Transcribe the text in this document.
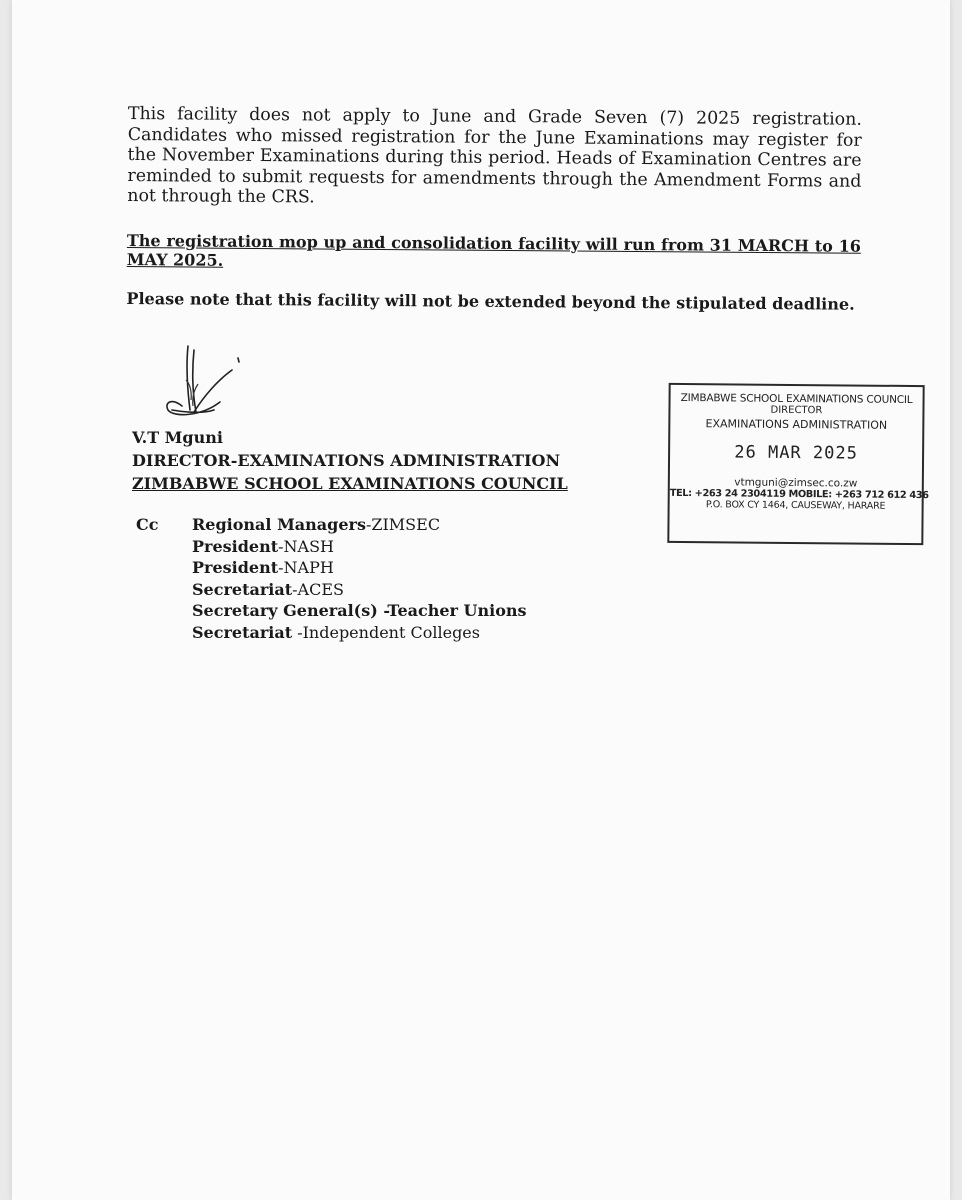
This facility does not apply to June and Grade Seven (7) 2025 registration. Candidates who missed registration for the June Examinations may register for the November Examinations during this period. Heads of Examination Centres are reminded to submit requests for amendments through the Amendment Forms and not through the CRS.

The registration mop up and consolidation facility will run from 31 MARCH to 16 MAY 2025.

Please note that this facility will not be extended beyond the stipulated deadline.

V.T Mguni
DIRECTOR-EXAMINATIONS ADMINISTRATION
ZIMBABWE SCHOOL EXAMINATIONS COUNCIL

ZIMBABWE SCHOOL EXAMINATIONS COUNCIL
DIRECTOR
EXAMINATIONS ADMINISTRATION
26 MAR 2025
vtmguni@zimsec.co.zw
TEL: +263 24 2304119 MOBILE: +263 712 612 436
P.O. BOX CY 1464, CAUSEWAY, HARARE
Cc Regional Managers-ZIMSEC
President-NASH
President-NAPH
Secretariat-ACES
Secretary General(s) -Teacher Unions
Secretariat -Independent Colleges
